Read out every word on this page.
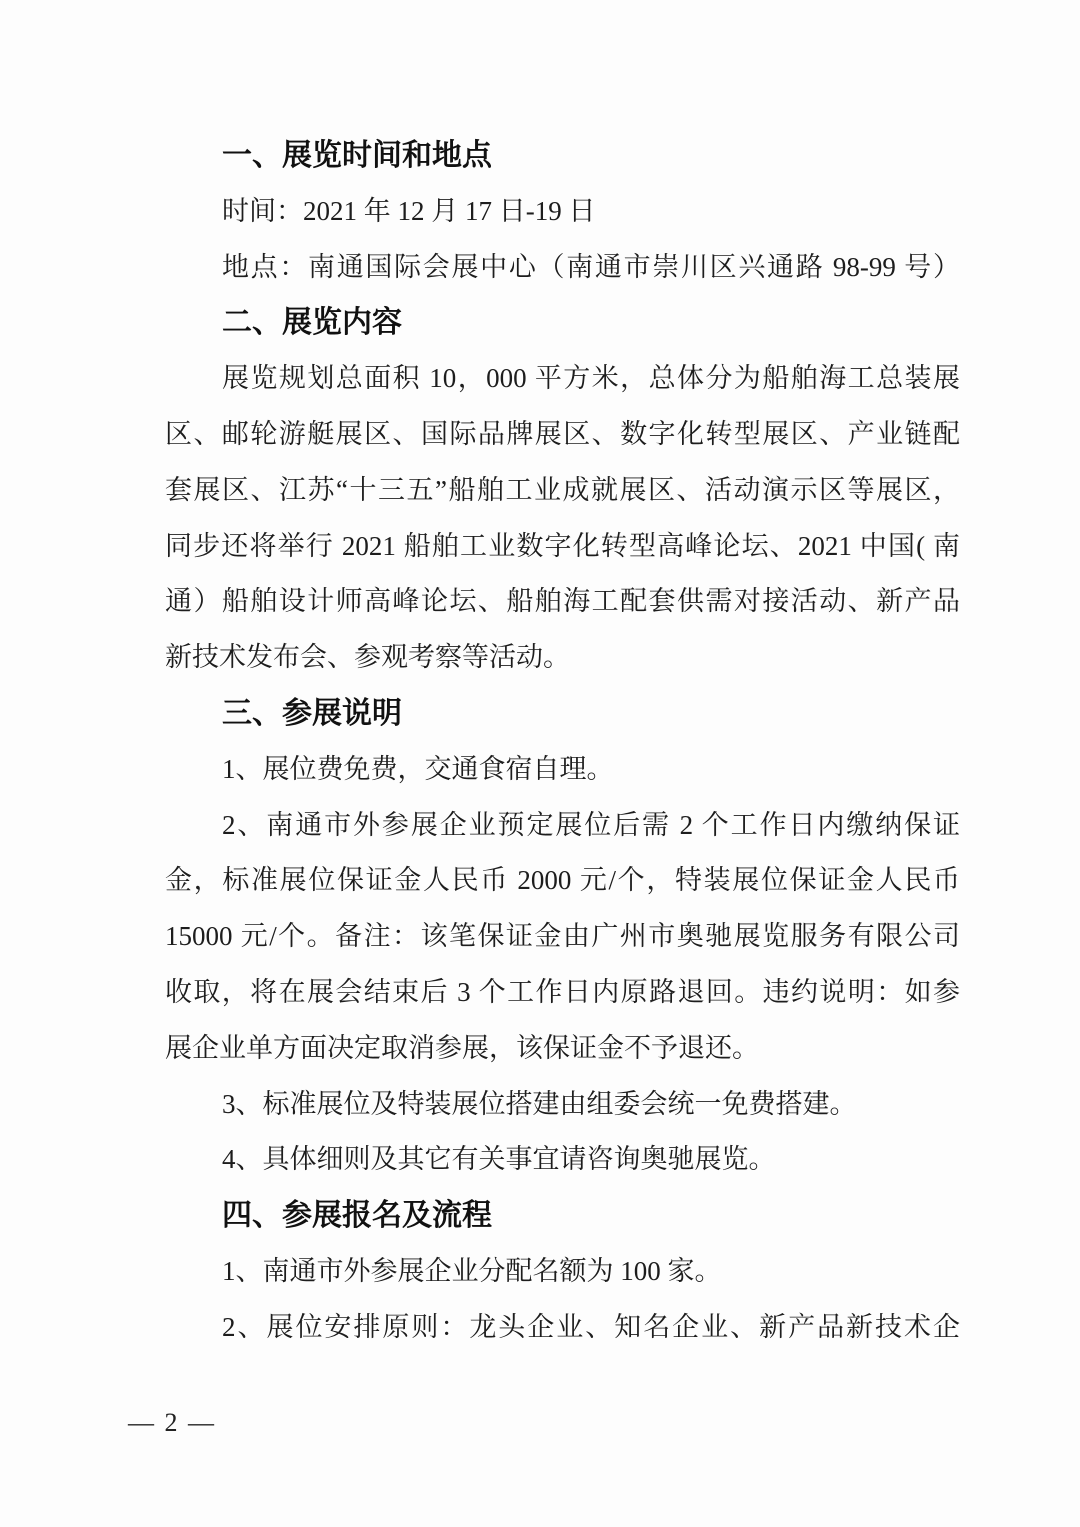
一、展览时间和地点
时间：2021 年 12 月 17 日-19 日
地点：南通国际会展中心（南通市崇川区兴通路 98-99 号）
二、展览内容
展览规划总面积 10，000 平方米，总体分为船舶海工总装展
区、邮轮游艇展区、国际品牌展区、数字化转型展区、产业链配
套展区、江苏“十三五”船舶工业成就展区、活动演示区等展区，
同步还将举行 2021 船舶工业数字化转型高峰论坛、2021 中国( 南
通）船舶设计师高峰论坛、船舶海工配套供需对接活动、新产品
新技术发布会、参观考察等活动。
三、参展说明
1、展位费免费，交通食宿自理。
2、南通市外参展企业预定展位后需 2 个工作日内缴纳保证
金，标准展位保证金人民币 2000 元/个，特装展位保证金人民币
15000 元/个。备注：该笔保证金由广州市奥驰展览服务有限公司
收取，将在展会结束后 3 个工作日内原路退回。违约说明：如参
展企业单方面决定取消参展，该保证金不予退还。
3、标准展位及特装展位搭建由组委会统一免费搭建。
4、具体细则及其它有关事宜请咨询奥驰展览。
四、参展报名及流程
1、南通市外参展企业分配名额为 100 家。
2、展位安排原则：龙头企业、知名企业、新产品新技术企
— 2 —
